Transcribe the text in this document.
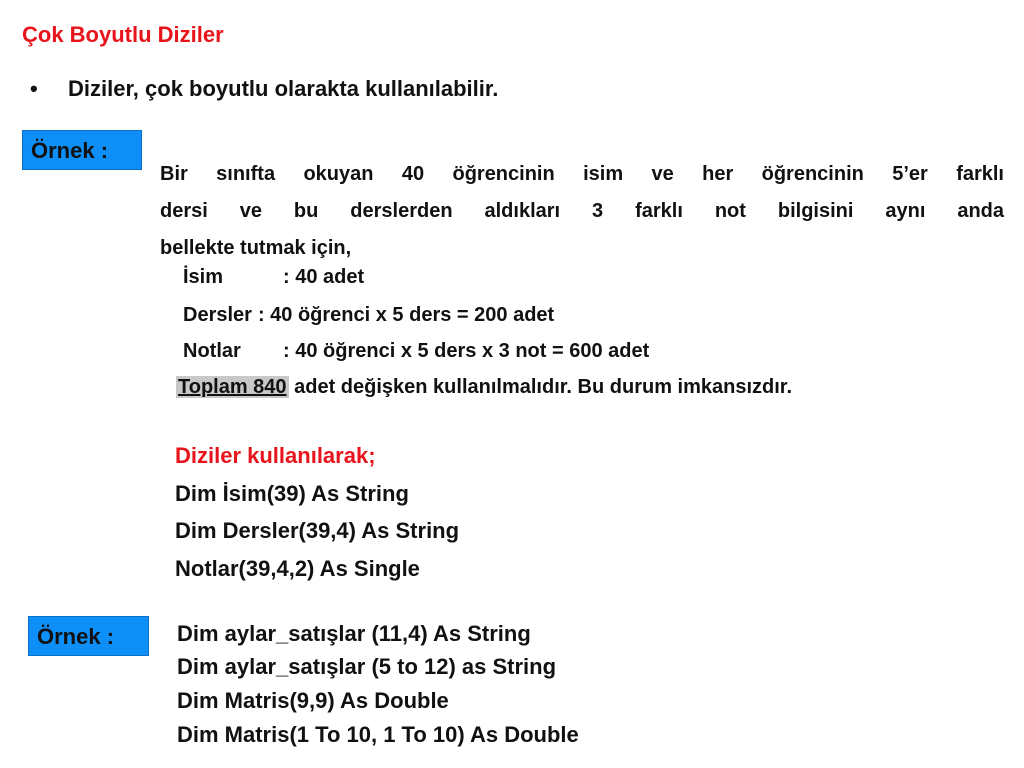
Çok Boyutlu Diziler
• Diziler, çok boyutlu olarakta kullanılabilir.
Örnek :
Bir sınıfta okuyan 40 öğrencinin isim ve her öğrencinin 5’er farklı
dersi ve bu derslerden aldıkları 3 farklı not bilgisini aynı anda
bellekte tutmak için,
İsim	: 40 adet
Dersler : 40 öğrenci x 5 ders = 200 adet
Notlar : 40 öğrenci x 5 ders x 3 not = 600 adet
Toplam 840 adet değişken kullanılmalıdır. Bu durum imkansızdır.
Diziler kullanılarak;
Dim İsim(39) As String
Dim Dersler(39,4) As String
Notlar(39,4,2) As Single
Örnek :	Dim aylar_satışlar (11,4) As String
Dim aylar_satışlar (5 to 12) as String
Dim Matris(9,9) As Double
Dim Matris(1 To 10, 1 To 10) As Double
